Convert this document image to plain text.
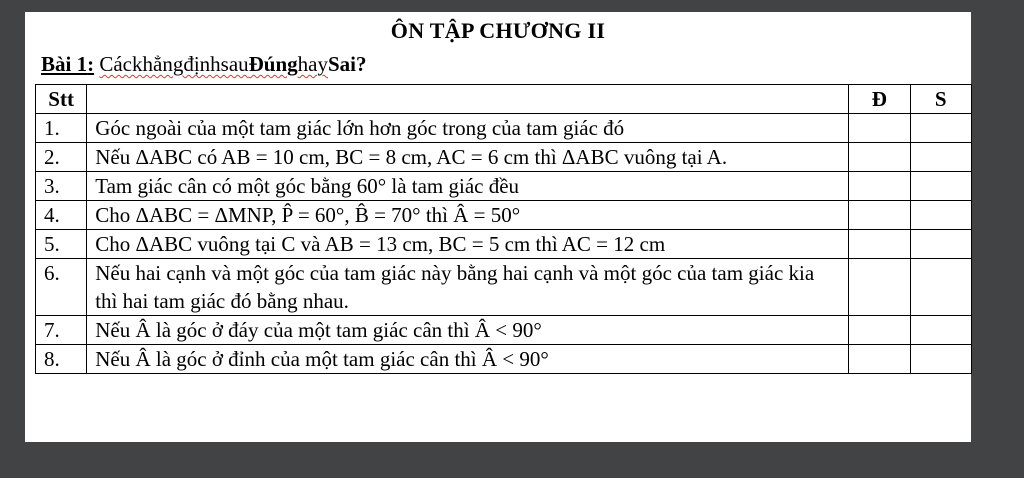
ÔN TẬP CHƯƠNG II
Bài 1: CáckhẳngđịnhsauĐúnghaySai?
Stt		Đ	S
1.	Góc ngoài của một tam giác lớn hơn góc trong của tam giác đó		
2.	Nếu ΔABC có AB = 10 cm, BC = 8 cm, AC = 6 cm thì ΔABC vuông tại A.		
3.	Tam giác cân có một góc bằng 60° là tam giác đều		
4.	Cho ΔABC = ΔMNP, P̂ = 60°, B̂ = 70° thì Â = 50°		
5.	Cho ΔABC vuông tại C và AB = 13 cm, BC = 5 cm thì AC = 12 cm		
6.	Nếu hai cạnh và một góc của tam giác này bằng hai cạnh và một góc của tam giác kia thì hai tam giác đó bằng nhau.		
7.	Nếu Â là góc ở đáy của một tam giác cân thì Â < 90°		
8.	Nếu Â là góc ở đỉnh của một tam giác cân thì Â < 90°		
